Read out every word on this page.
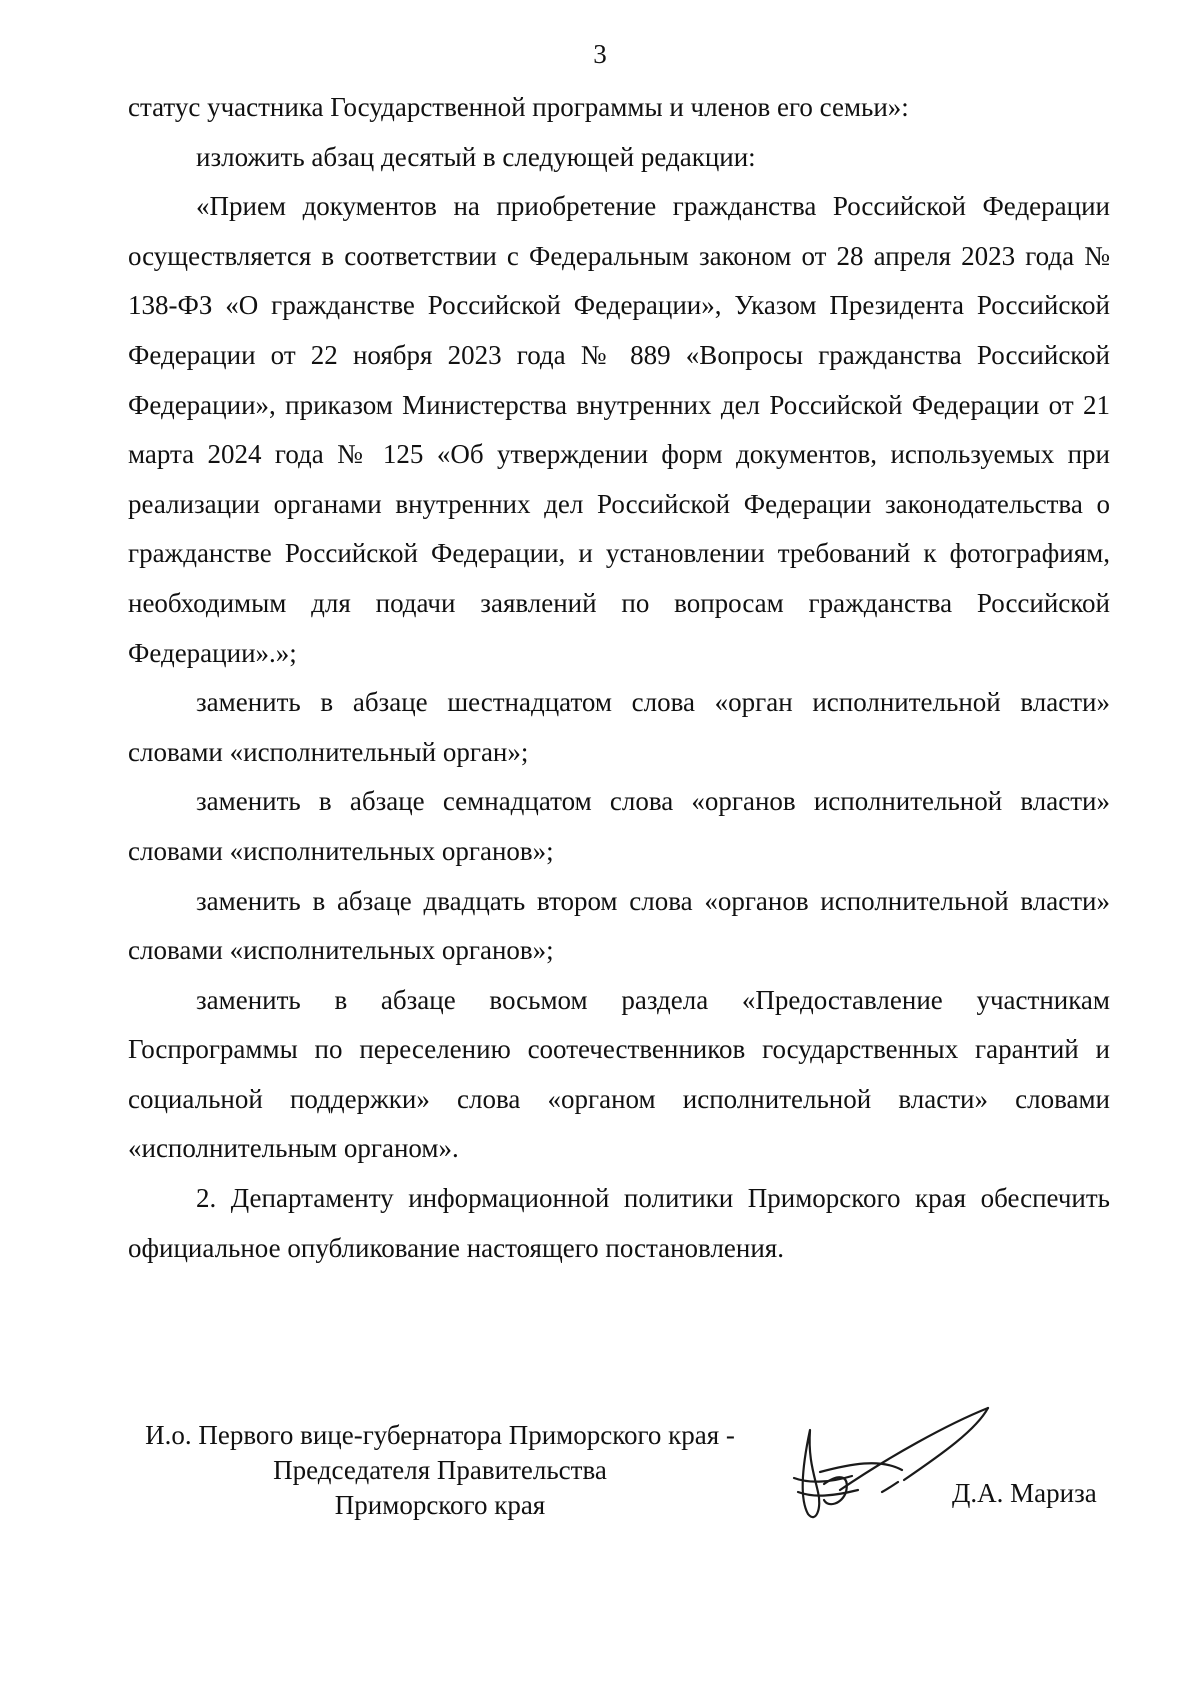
3

статус участника Государственной программы и членов его семьи»:

изложить абзац десятый в следующей редакции:

«Прием документов на приобретение гражданства Российской Федерации осуществляется в соответствии с Федеральным законом от 28 апреля 2023 года № 138-ФЗ «О гражданстве Российской Федерации», Указом Президента Российской Федерации от 22 ноября 2023 года № 889 «Вопросы гражданства Российской Федерации», приказом Министерства внутренних дел Российской Федерации от 21 марта 2024 года № 125 «Об утверждении форм документов, используемых при реализации органами внутренних дел Российской Федерации законодательства о гражданстве Российской Федерации, и установлении требований к фотографиям, необходимым для подачи заявлений по вопросам гражданства Российской Федерации».»;

заменить в абзаце шестнадцатом слова «орган исполнительной власти» словами «исполнительный орган»;

заменить в абзаце семнадцатом слова «органов исполнительной власти» словами «исполнительных органов»;

заменить в абзаце двадцать втором слова «органов исполнительной власти» словами «исполнительных органов»;

заменить в абзаце восьмом раздела «Предоставление участникам Госпрограммы по переселению соотечественников государственных гарантий и социальной поддержки» слова «органом исполнительной власти» словами «исполнительным органом».

2. Департаменту информационной политики Приморского края обеспечить официальное опубликование настоящего постановления.

И.о. Первого вице-губернатора Приморского края -
Председателя Правительства
Приморского края	Д.А. Мариза
